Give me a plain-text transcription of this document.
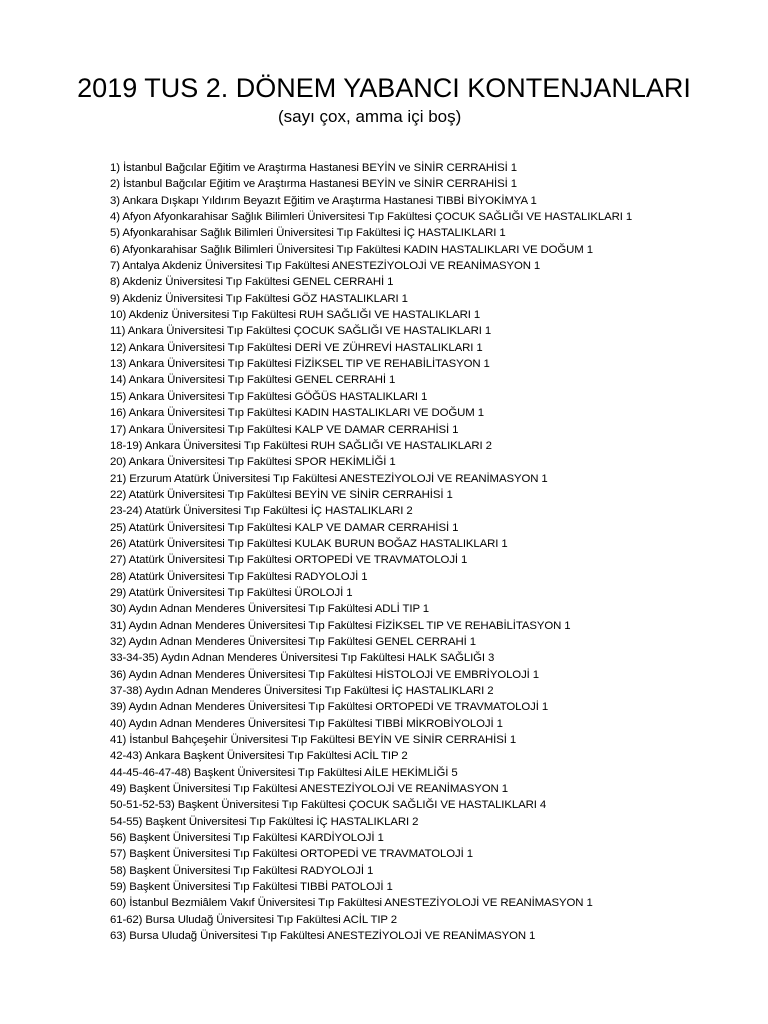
2019 TUS 2. DÖNEM YABANCI KONTENJANLARI
(sayı çox, amma içi boş)
1) İstanbul Bağcılar Eğitim ve Araştırma Hastanesi BEYİN ve SİNİR CERRAHİSİ 1
2) İstanbul Bağcılar Eğitim ve Araştırma Hastanesi BEYİN ve SİNİR CERRAHİSİ 1
3) Ankara Dışkapı Yıldırım Beyazıt Eğitim ve Araştırma Hastanesi TIBBİ BİYOKİMYA 1
4) Afyon Afyonkarahisar Sağlık Bilimleri Üniversitesi Tıp Fakültesi ÇOCUK SAĞLIĞI VE HASTALIKLARI 1
5) Afyonkarahisar Sağlık Bilimleri Üniversitesi Tıp Fakültesi İÇ HASTALIKLARI 1
6) Afyonkarahisar Sağlık Bilimleri Üniversitesi Tıp Fakültesi KADIN HASTALIKLARI VE DOĞUM 1
7) Antalya Akdeniz Üniversitesi Tıp Fakültesi ANESTEZİYOLOJİ VE REANİMASYON 1
8) Akdeniz Üniversitesi Tıp Fakültesi GENEL CERRAHİ 1
9) Akdeniz Üniversitesi Tıp Fakültesi GÖZ HASTALIKLARI 1
10) Akdeniz Üniversitesi Tıp Fakültesi RUH SAĞLIĞI VE HASTALIKLARI 1
11) Ankara Üniversitesi Tıp Fakültesi ÇOCUK SAĞLIĞI VE HASTALIKLARI 1
12) Ankara Üniversitesi Tıp Fakültesi DERİ VE ZÜHREVİ HASTALIKLARI 1
13) Ankara Üniversitesi Tıp Fakültesi FİZİKSEL TIP VE REHABİLİTASYON 1
14) Ankara Üniversitesi Tıp Fakültesi GENEL CERRAHİ 1
15) Ankara Üniversitesi Tıp Fakültesi GÖĞÜS HASTALIKLARI 1
16) Ankara Üniversitesi Tıp Fakültesi KADIN HASTALIKLARI VE DOĞUM 1
17) Ankara Üniversitesi Tıp Fakültesi KALP VE DAMAR CERRAHİSİ 1
18-19) Ankara Üniversitesi Tıp Fakültesi RUH SAĞLIĞI VE HASTALIKLARI 2
20) Ankara Üniversitesi Tıp Fakültesi SPOR HEKİMLİĞİ 1
21) Erzurum Atatürk Üniversitesi Tıp Fakültesi ANESTEZİYOLOJİ VE REANİMASYON 1
22) Atatürk Üniversitesi Tıp Fakültesi BEYİN VE SİNİR CERRAHİSİ 1
23-24) Atatürk Üniversitesi Tıp Fakültesi İÇ HASTALIKLARI 2
25) Atatürk Üniversitesi Tıp Fakültesi KALP VE DAMAR CERRAHİSİ 1
26) Atatürk Üniversitesi Tıp Fakültesi KULAK BURUN BOĞAZ HASTALIKLARI 1
27) Atatürk Üniversitesi Tıp Fakültesi ORTOPEDİ VE TRAVMATOLOJİ 1
28) Atatürk Üniversitesi Tıp Fakültesi RADYOLOJİ 1
29) Atatürk Üniversitesi Tıp Fakültesi ÜROLOJİ 1
30) Aydın Adnan Menderes Üniversitesi Tıp Fakültesi ADLİ TIP 1
31) Aydın Adnan Menderes Üniversitesi Tıp Fakültesi FİZİKSEL TIP VE REHABİLİTASYON 1
32) Aydın Adnan Menderes Üniversitesi Tıp Fakültesi GENEL CERRAHİ 1
33-34-35) Aydın Adnan Menderes Üniversitesi Tıp Fakültesi HALK SAĞLIĞI 3
36) Aydın Adnan Menderes Üniversitesi Tıp Fakültesi HİSTOLOJİ VE EMBRİYOLOJİ 1
37-38) Aydın Adnan Menderes Üniversitesi Tıp Fakültesi İÇ HASTALIKLARI 2
39) Aydın Adnan Menderes Üniversitesi Tıp Fakültesi ORTOPEDİ VE TRAVMATOLOJİ 1
40) Aydın Adnan Menderes Üniversitesi Tıp Fakültesi TIBBİ MİKROBİYOLOJİ 1
41) İstanbul Bahçeşehir Üniversitesi Tıp Fakültesi BEYİN VE SİNİR CERRAHİSİ 1
42-43) Ankara Başkent Üniversitesi Tıp Fakültesi ACİL TIP 2
44-45-46-47-48) Başkent Üniversitesi Tıp Fakültesi AİLE HEKİMLİĞİ 5
49) Başkent Üniversitesi Tıp Fakültesi ANESTEZİYOLOJİ VE REANİMASYON 1
50-51-52-53) Başkent Üniversitesi Tıp Fakültesi ÇOCUK SAĞLIĞI VE HASTALIKLARI 4
54-55) Başkent Üniversitesi Tıp Fakültesi İÇ HASTALIKLARI 2
56) Başkent Üniversitesi Tıp Fakültesi KARDİYOLOJİ 1
57) Başkent Üniversitesi Tıp Fakültesi ORTOPEDİ VE TRAVMATOLOJİ 1
58) Başkent Üniversitesi Tıp Fakültesi RADYOLOJİ 1
59) Başkent Üniversitesi Tıp Fakültesi TIBBİ PATOLOJİ 1
60) İstanbul Bezmiâlem Vakıf Üniversitesi Tıp Fakültesi ANESTEZİYOLOJİ VE REANİMASYON 1
61-62) Bursa Uludağ Üniversitesi Tıp Fakültesi ACİL TIP 2
63) Bursa Uludağ Üniversitesi Tıp Fakültesi ANESTEZİYOLOJİ VE REANİMASYON 1
